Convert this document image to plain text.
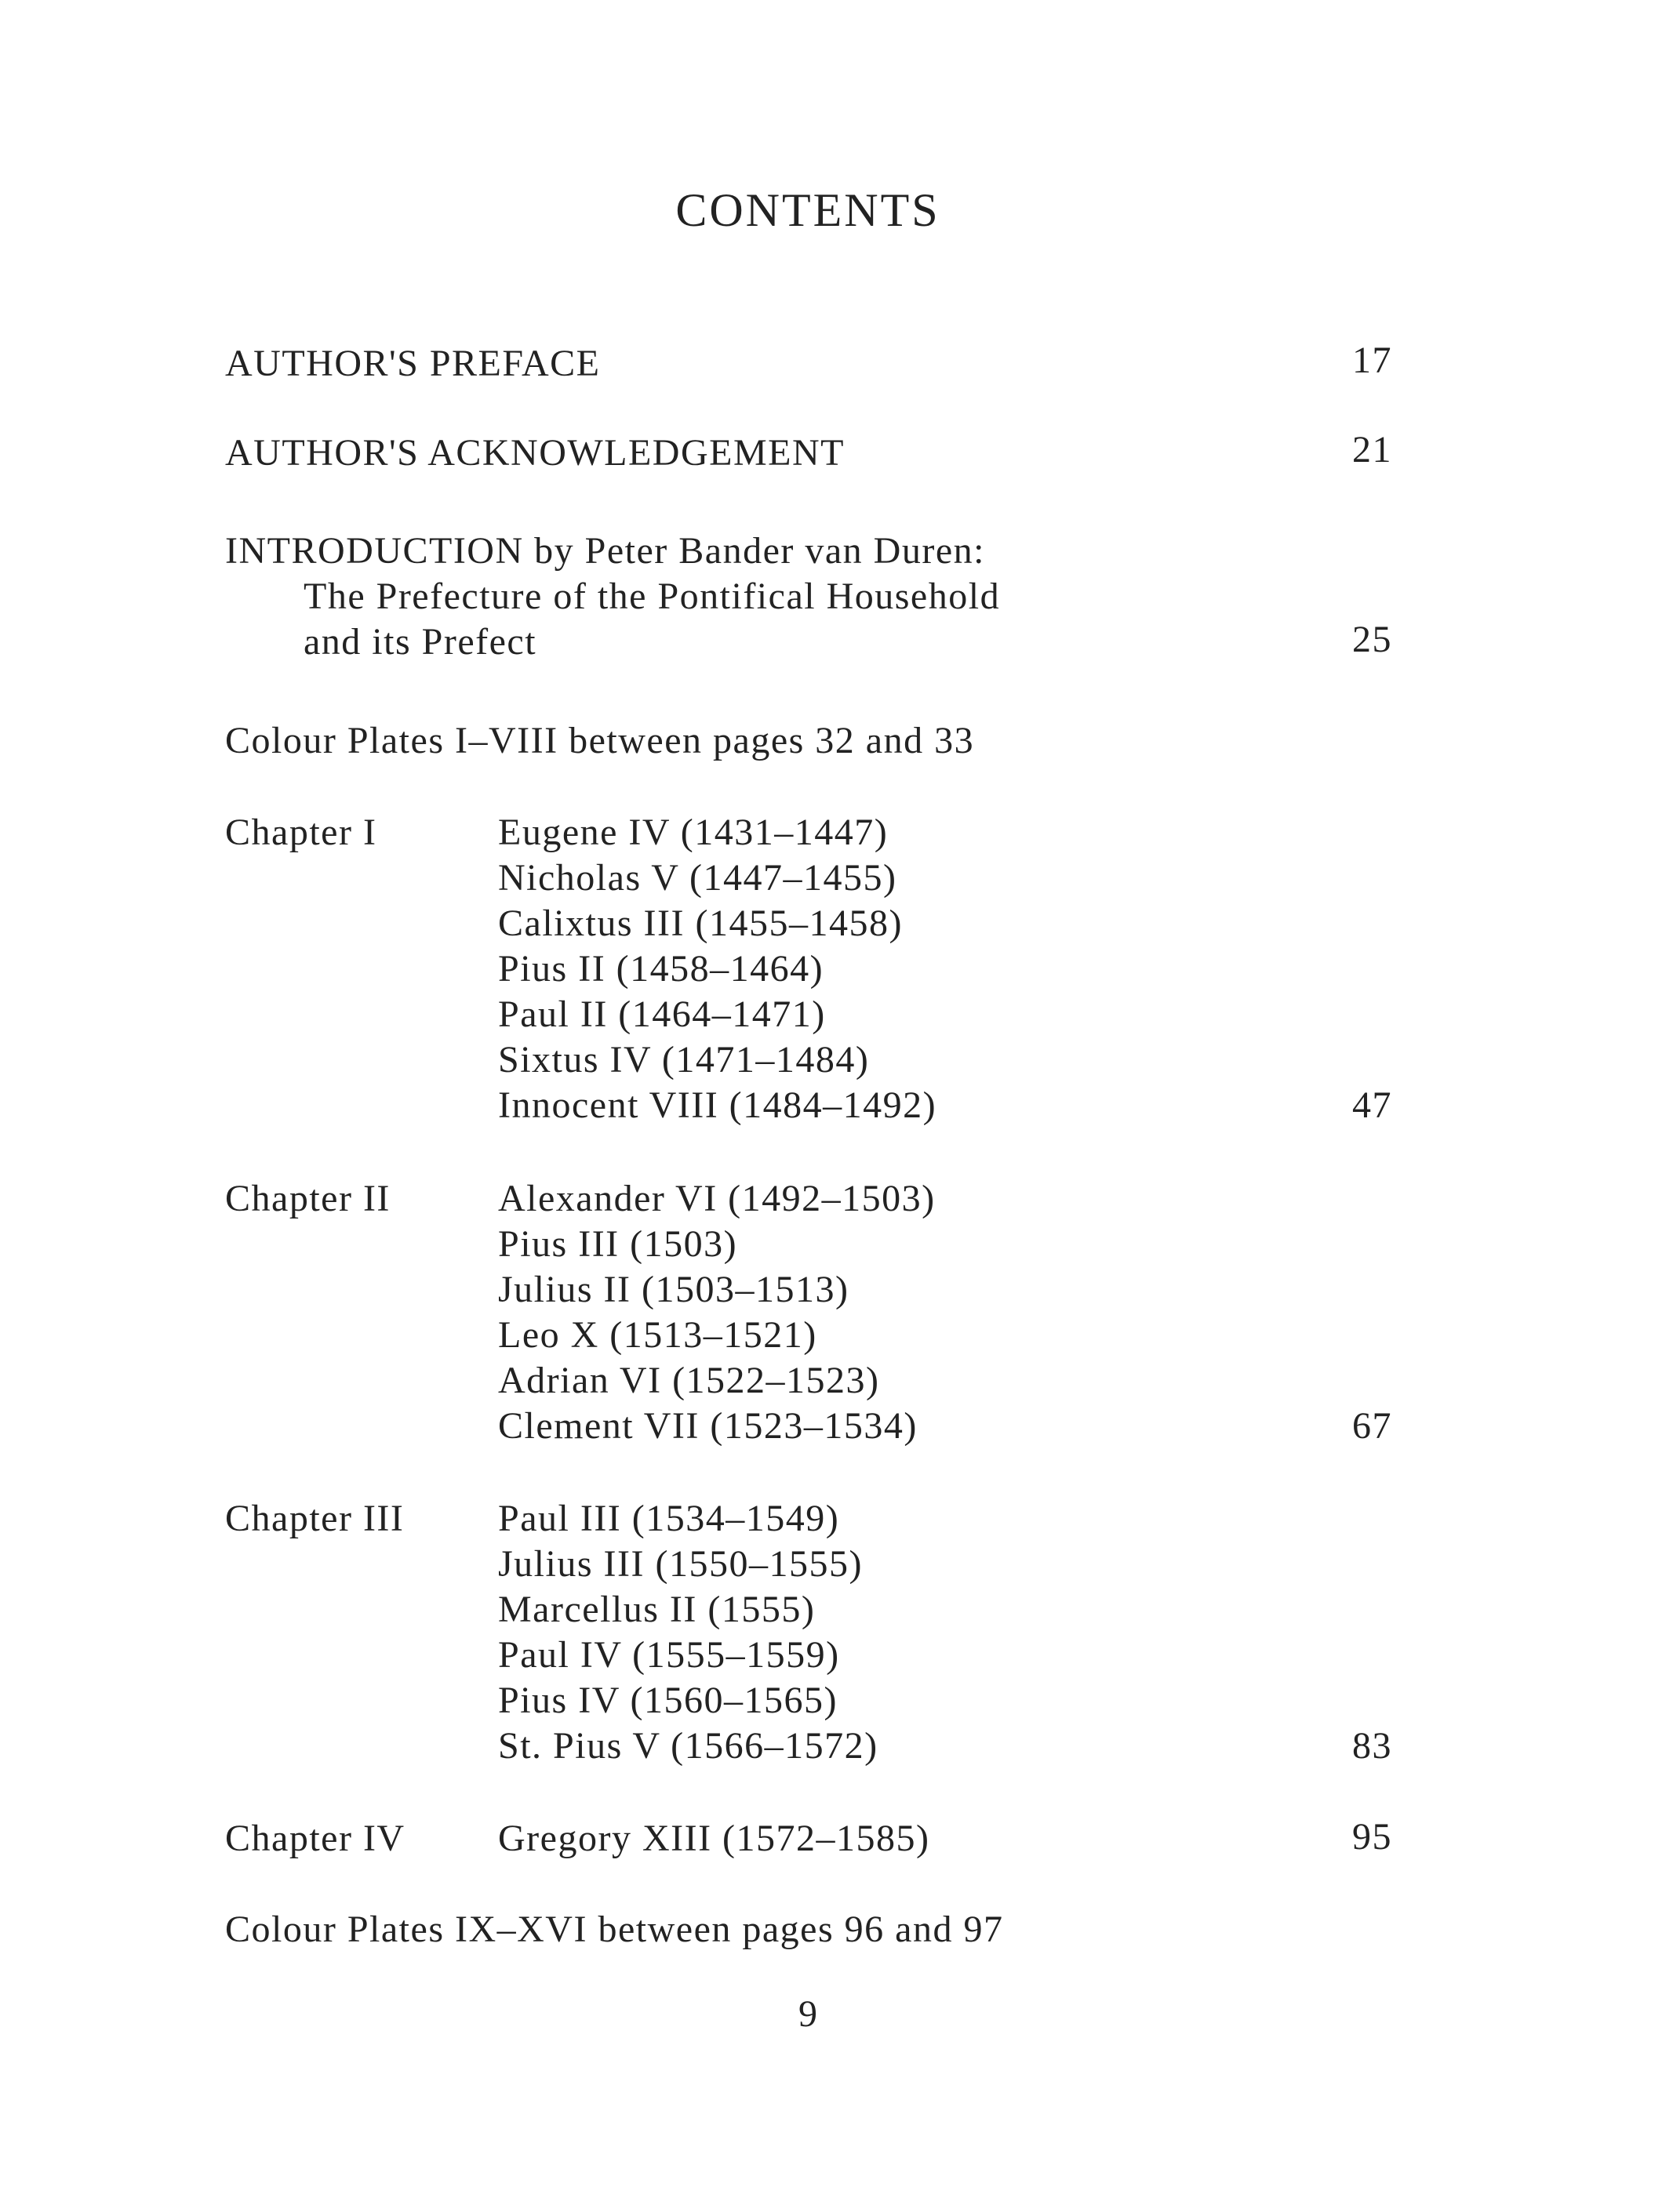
CONTENTS
AUTHOR'S PREFACE	17
AUTHOR'S ACKNOWLEDGEMENT	21
INTRODUCTION by Peter Bander van Duren:
The Prefecture of the Pontifical Household
and its Prefect	25
Colour Plates I–VIII between pages 32 and 33
Chapter I	Eugene IV (1431–1447)
Nicholas V (1447–1455)
Calixtus III (1455–1458)
Pius II (1458–1464)
Paul II (1464–1471)
Sixtus IV (1471–1484)
Innocent VIII (1484–1492)	47
Chapter II	Alexander VI (1492–1503)
Pius III (1503)
Julius II (1503–1513)
Leo X (1513–1521)
Adrian VI (1522–1523)
Clement VII (1523–1534)	67
Chapter III Paul III (1534–1549)
Julius III (1550–1555)
Marcellus II (1555)
Paul IV (1555–1559)
Pius IV (1560–1565)
St. Pius V (1566–1572)	83
Chapter IV Gregory XIII (1572–1585)	95
Colour Plates IX–XVI between pages 96 and 97
9
